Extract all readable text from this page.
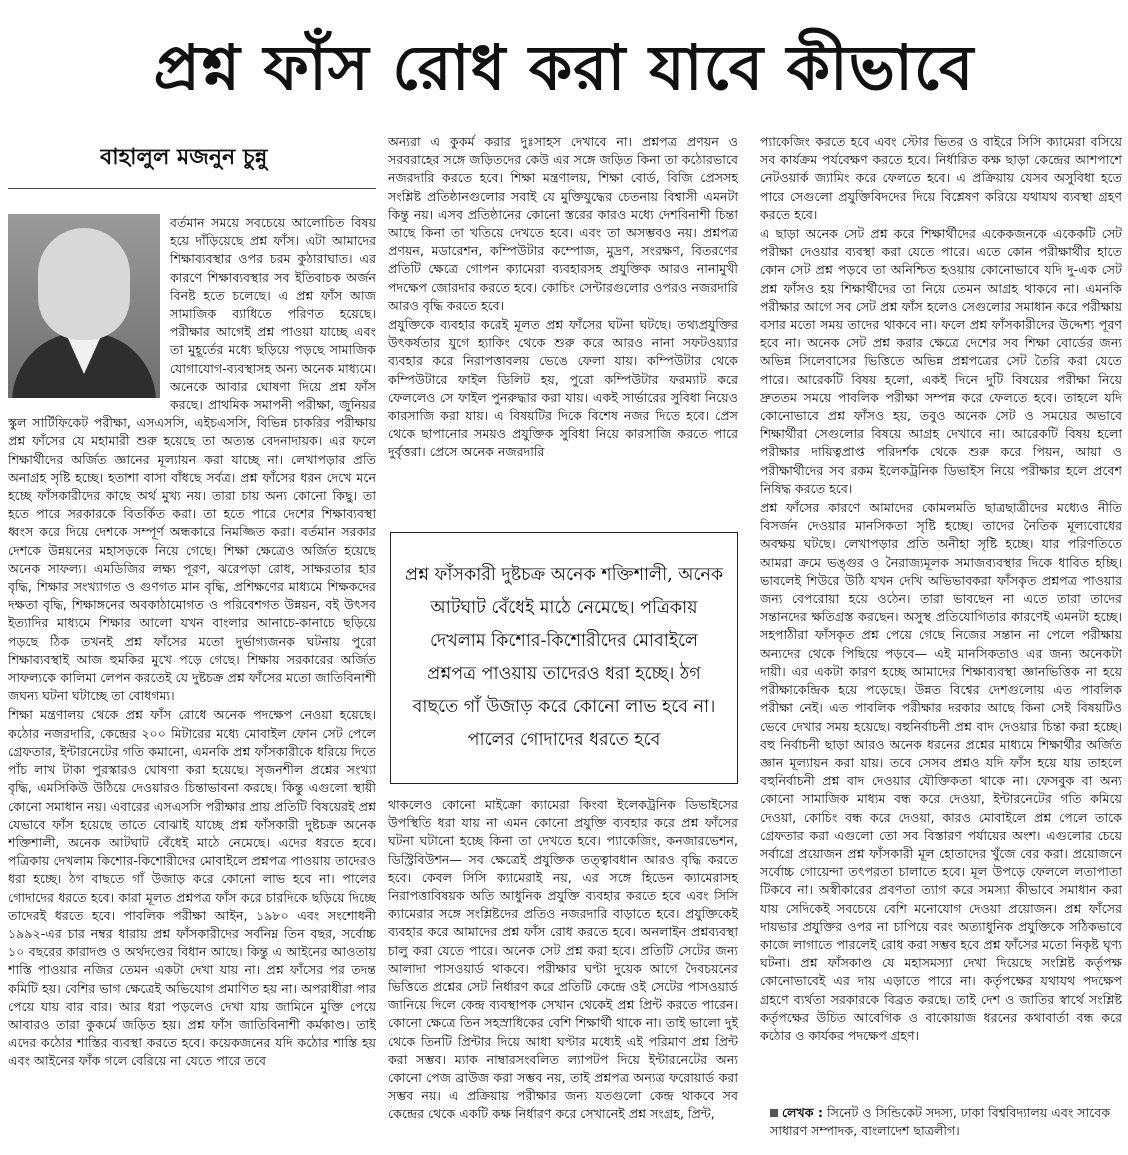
প্রশ্ন ফাঁস রোধ করা যাবে কীভাবে
বাহালুল মজনুন চুন্নু

বর্তমান সময়ে সবচেয়ে আলোচিত বিষয় হয়ে দাঁড়িয়েছে প্রশ্ন ফাঁস। এটা আমাদের শিক্ষাব্যবস্থার ওপর চরম কুঠারাঘাত। এর কারণে শিক্ষাব্যবস্থার সব ইতিবাচক অর্জন বিনষ্ট হতে চলেছে। এ প্রশ্ন ফাঁস আজ সামাজিক ব্যাধিতে পরিণত হয়েছে। পরীক্ষার আগেই প্রশ্ন পাওয়া যাচ্ছে এবং তা মুহূর্তের মধ্যে ছড়িয়ে পড়ছে সামাজিক যোগাযোগ-ব্যবস্থাসহ অন্য অনেক মাধ্যমে। অনেকে আবার ঘোষণা দিয়ে প্রশ্ন ফাঁস করছে। প্রাথমিক সমাপনী পরীক্ষা, জুনিয়র স্কুল সার্টিফিকেট পরীক্ষা, এসএসসি, এইচএসসি, বিভিন্ন চাকরির পরীক্ষায় প্রশ্ন ফাঁসের যে মহামারী শুরু হয়েছে তা অত্যন্ত বেদনাদায়ক। এর ফলে শিক্ষার্থীদের অর্জিত জ্ঞানের মূল্যায়ন করা যাচ্ছে না। লেখাপড়ার প্রতি অনাগ্রহ সৃষ্টি হচ্ছে। হতাশা বাসা বাঁধছে সর্বত্র। প্রশ্ন ফাঁসের ধরন দেখে মনে হচ্ছে ফাঁসকারীদের কাছে অর্থ মুখ্য নয়। তারা চায় অন্য কোনো কিছু। তা হতে পারে সরকারকে বিতর্কিত করা। তা হতে পারে দেশের শিক্ষাব্যবস্থা ধ্বংস করে দিয়ে দেশকে সম্পূর্ণ অন্ধকারে নিমজ্জিত করা। বর্তমান সরকার দেশকে উন্নয়নের মহাসড়কে নিয়ে গেছে। শিক্ষা ক্ষেত্রেও অর্জিত হয়েছে অনেক সাফল্য। এমডিজির লক্ষ্য পূরণ, ঝরেপড়া রোধ, সাক্ষরতার হার বৃদ্ধি, শিক্ষার সংখ্যাগত ও গুণগত মান বৃদ্ধি, প্রশিক্ষণের মাধ্যমে শিক্ষকদের দক্ষতা বৃদ্ধি, শিক্ষাঙ্গনের অবকাঠামোগত ও পরিবেশগত উন্নয়ন, বই উৎসব ইত্যাদির মাধ্যমে শিক্ষার আলো যখন বাংলার আনাচে-কানাচে ছড়িয়ে পড়ছে ঠিক তখনই প্রশ্ন ফাঁসের মতো দুর্ভাগ্যজনক ঘটনায় পুরো শিক্ষাব্যবস্থাই আজ হুমকির মুখে পড়ে গেছে। শিক্ষায় সরকারের অর্জিত সাফল্যকে কালিমা লেপন করতেই যে দুষ্টচক্র প্রশ্ন ফাঁসের মতো জাতিবিনাশী জঘন্য ঘটনা ঘটাচ্ছে তা বোধগম্য।

শিক্ষা মন্ত্রণালয় থেকে প্রশ্ন ফাঁস রোধে অনেক পদক্ষেপ নেওয়া হয়েছে। কঠোর নজরদারি, কেন্দ্রের ২০০ মিটারের মধ্যে মোবাইল ফোন সেট পেলে গ্রেফতার, ইন্টারনেটের গতি কমানো, এমনকি প্রশ্ন ফাঁসকারীকে ধরিয়ে দিতে পাঁচ লাখ টাকা পুরস্কারও ঘোষণা করা হয়েছে। সৃজনশীল প্রশ্নের সংখ্যা বৃদ্ধি, এমসিকিউ উঠিয়ে দেওয়ারও চিন্তাভাবনা করছে। কিন্তু এগুলো স্থায়ী কোনো সমাধান নয়। এবারের এসএসসি পরীক্ষার প্রায় প্রতিটি বিষয়েরই প্রশ্ন যেভাবে ফাঁস হয়েছে তাতে বোঝাই যাচ্ছে প্রশ্ন ফাঁসকারী দুষ্টচক্র অনেক শক্তিশালী, অনেক আটঘাট বেঁধেই মাঠে নেমেছে। এদের ধরতে হবে। পত্রিকায় দেখলাম কিশোর-কিশোরীদের মোবাইলে প্রশ্নপত্র পাওয়ায় তাদেরও ধরা হচ্ছে। ঠগ বাছতে গাঁ উজাড় করে কোনো লাভ হবে না। পালের গোদাদের ধরতে হবে। কারা মূলত প্রশ্নপত্র ফাঁস করে চারদিকে ছড়িয়ে দিচ্ছে তাদেরই ধরতে হবে। পাবলিক পরীক্ষা আইন, ১৯৮০ এবং সংশোধনী ১৯৯২-এর চার নম্বর ধারায় প্রশ্ন ফাঁসকারীদের সর্বনিম্ন তিন বছর, সর্বোচ্চ ১০ বছরের কারাদণ্ড ও অর্থদণ্ডের বিধান আছে। কিন্তু এ আইনের আওতায় শাস্তি পাওয়ার নজির তেমন একটা দেখা যায় না। প্রশ্ন ফাঁসের পর তদন্ত কমিটি হয়। বেশির ভাগ ক্ষেত্রেই অভিযোগ প্রমাণিত হয় না। অপরাধীরা পার পেয়ে যায় বার বার। আর ধরা পড়লেও দেখা যায় জামিনে মুক্তি পেয়ে আবারও তারা কুকর্মে জড়িত হয়। প্রশ্ন ফাঁস জাতিবিনাশী কর্মকাণ্ড। তাই এদের কঠোর শাস্তির ব্যবস্থা করতে হবে। কয়েকজনের যদি কঠোর শাস্তি হয় এবং আইনের ফাঁক গলে বেরিয়ে না যেতে পারে তবে

অন্যরা এ কুকর্ম করার দুঃসাহস দেখাবে না। প্রশ্নপত্র প্রণয়ন ও সরবরাহের সঙ্গে জড়িতদের কেউ এর সঙ্গে জড়িত কিনা তা কঠোরভাবে নজরদারি করতে হবে। শিক্ষা মন্ত্রণালয়, শিক্ষা বোর্ড, বিজি প্রেসসহ সংশ্লিষ্ট প্রতিষ্ঠানগুলোর সবাই যে মুক্তিযুদ্ধের চেতনায় বিশ্বাসী এমনটা কিন্তু নয়। এসব প্রতিষ্ঠানের কোনো স্তরের কারও মধ্যে দেশবিনাশী চিন্তা আছে কিনা তা খতিয়ে দেখতে হবে। এবং তা অসম্ভবও নয়। প্রশ্নপত্র প্রণয়ন, মডারেশন, কম্পিউটার কম্পোজ, মুদ্রণ, সংরক্ষণ, বিতরণের প্রতিটি ক্ষেত্রে গোপন ক্যামেরা ব্যবহারসহ প্রযুক্তিক আরও নানামুখী পদক্ষেপ জোরদার করতে হবে। কোচিং সেন্টারগুলোর ওপরও নজরদারি আরও বৃদ্ধি করতে হবে।

প্রযুক্তিকে ব্যবহার করেই মূলত প্রশ্ন ফাঁসের ঘটনা ঘটছে। তথ্যপ্রযুক্তির উৎকর্ষতার যুগে হ্যাকিং থেকে শুরু করে আরও নানা সফটওয়্যার ব্যবহার করে নিরাপত্তাবলয় ভেঙে ফেলা যায়। কম্পিউটার থেকে কম্পিউটারে ফাইল ডিলিট হয়, পুরো কম্পিউটার ফরম্যাট করে ফেললেও সে ফাইল পুনরুদ্ধার করা যায়। একই সার্ভারের সুবিধা নিয়েও কারসাজি করা যায়। এ বিষয়টির দিকে বিশেষ নজর দিতে হবে। প্রেস থেকে ছাপানোর সময়ও প্রযুক্তিক সুবিধা নিয়ে কারসাজি করতে পারে দুর্বৃত্তরা। প্রেসে অনেক নজরদারি

প্রশ্ন ফাঁসকারী দুষ্টচক্র অনেক শক্তিশালী, অনেক আটঘাট বেঁধেই মাঠে নেমেছে। পত্রিকায় দেখলাম কিশোর-কিশোরীদের মোবাইলে প্রশ্নপত্র পাওয়ায় তাদেরও ধরা হচ্ছে। ঠগ বাছতে গাঁ উজাড় করে কোনো লাভ হবে না। পালের গোদাদের ধরতে হবে

থাকলেও কোনো মাইক্রো ক্যামেরা কিংবা ইলেকট্রনিক ডিভাইসের উপস্থিতি ধরা যায় না এমন কোনো প্রযুক্তি ব্যবহার করে প্রশ্ন ফাঁসের ঘটনা ঘটানো হচ্ছে কিনা তা দেখতে হবে। প্যাকেজিং, কনজারভেশন, ডিস্ট্রিবিউশন— সব ক্ষেত্রেই প্রযুক্তিক তত্ত্বাবধান আরও বৃদ্ধি করতে হবে। কেবল সিসি ক্যামেরাই নয়, এর সঙ্গে হিডেন ক্যামেরাসহ নিরাপত্তাবিষয়ক অতি আধুনিক প্রযুক্তি ব্যবহার করতে হবে এবং সিসি ক্যামেরার সঙ্গে সংশ্লিষ্টদের প্রতিও নজরদারি বাড়াতে হবে। প্রযুক্তিকেই ব্যবহার করে আমাদের প্রশ্ন ফাঁস রোধ করতে হবে। অনলাইন প্রশ্নব্যবস্থা চালু করা যেতে পারে। অনেক সেট প্রশ্ন করা হবে। প্রতিটি সেটের জন্য আলাদা পাসওয়ার্ড থাকবে। পরীক্ষার ঘণ্টা দুয়েক আগে দৈবচয়নের ভিত্তিতে প্রশ্নের সেট নির্ধারণ করে প্রতিটি কেন্দ্রে ওই সেটের পাসওয়ার্ড জানিয়ে দিলে কেন্দ্র ব্যবস্থাপক সেখান থেকেই প্রশ্ন প্রিন্ট করতে পারেন। কোনো ক্ষেত্রে তিন সহস্রাধিকের বেশি শিক্ষার্থী থাকে না। তাই ভালো দুই থেকে তিনটি প্রিন্টার দিয়ে আধা ঘণ্টার মধ্যেই এই পরিমাণ প্রশ্ন প্রিন্ট করা সম্ভব। ম্যাক নাম্বারসংবলিত ল্যাপটপ দিয়ে ইন্টারনেটের অন্য কোনো পেজ ব্রাউজ করা সম্ভব নয়, তাই প্রশ্নপত্র অন্যত্র ফরোয়ার্ড করা সম্ভব নয়। এ প্রক্রিয়ায় পরীক্ষার জন্য যতগুলো কেন্দ্র থাকবে সব কেন্দ্রের থেকে একটি কক্ষ নির্ধারণ করে সেখানেই প্রশ্ন সংগ্রহ, প্রিন্ট,

প্যাকেজিং করতে হবে এবং স্টোর ভিতর ও বাইরে সিসি ক্যামেরা বসিয়ে সব কার্যক্রম পর্যবেক্ষণ করতে হবে। নির্ধারিত কক্ষ ছাড়া কেন্দ্রের আশপাশে নেটওয়ার্ক জ্যামিং করে ফেলতে হবে। এ প্রক্রিয়ায় যেসব অসুবিধা হতে পারে সেগুলো প্রযুক্তিবিদদের দিয়ে বিশ্লেষণ করিয়ে যথাযথ ব্যবস্থা গ্রহণ করতে হবে।

এ ছাড়া অনেক সেট প্রশ্ন করে শিক্ষার্থীদের একেকজনকে একেকটি সেট পরীক্ষা দেওয়ার ব্যবস্থা করা যেতে পারে। এতে কোন পরীক্ষার্থীর হাতে কোন সেট প্রশ্ন পড়বে তা অনিশ্চিত হওয়ায় কোনোভাবে যদি দু-এক সেট প্রশ্ন ফাঁসও হয় শিক্ষার্থীদের তা নিয়ে তেমন আগ্রহ থাকবে না। এমনকি পরীক্ষার আগে সব সেট প্রশ্ন ফাঁস হলেও সেগুলোর সমাধান করে পরীক্ষায় বসার মতো সময় তাদের থাকবে না। ফলে প্রশ্ন ফাঁসকারীদের উদ্দেশ্য পূরণ হবে না। অনেক সেট প্রশ্ন করার ক্ষেত্রে দেশের সব শিক্ষা বোর্ডের জন্য অভিন্ন সিলেবাসের ভিত্তিতে অভিন্ন প্রশ্নপত্রের সেট তৈরি করা যেতে পারে। আরেকটি বিষয় হলো, একই দিনে দুটি বিষয়ের পরীক্ষা নিয়ে দ্রুততম সময়ে পাবলিক পরীক্ষা সম্পন্ন করে ফেলতে হবে। তাহলে যদি কোনোভাবে প্রশ্ন ফাঁসও হয়, তবুও অনেক সেট ও সময়ের অভাবে শিক্ষার্থীরা সেগুলোর বিষয়ে আগ্রহ দেখাবে না। আরেকটি বিষয় হলো পরীক্ষার দায়িত্বপ্রাপ্ত পরিদর্শক থেকে শুরু করে পিয়ন, আয়া ও পরীক্ষার্থীদের সব রকম ইলেকট্রনিক ডিভাইস নিয়ে পরীক্ষার হলে প্রবেশ নিষিদ্ধ করতে হবে।

প্রশ্ন ফাঁসের কারণে আমাদের কোমলমতি ছাত্রছাত্রীদের মধ্যেও নীতি বিসর্জন দেওয়ার মানসিকতা সৃষ্টি হচ্ছে। তাদের নৈতিক মূল্যবোধের অবক্ষয় ঘটছে। লেখাপড়ার প্রতি অনীহা সৃষ্টি হচ্ছে। যার পরিণতিতে আমরা ক্রমে ভঙ্গুর ও নৈরাজ্যমূলক সমাজব্যবস্থার দিকে ধাবিত হচ্ছি। ভাবলেই শিউরে উঠি যখন দেখি অভিভাবকরা ফাঁসকৃত প্রশ্নপত্র পাওয়ার জন্য বেপরোয়া হয়ে ওঠেন। তারা ভাবছেন না এতে তারা তাদের সন্তানদের ক্ষতিগ্রস্ত করছেন। অসুস্থ প্রতিযোগিতার কারণেই এমনটা হচ্ছে। সহপাঠীরা ফাঁসকৃত প্রশ্ন পেয়ে গেছে নিজের সন্তান না পেলে পরীক্ষায় অন্যদের থেকে পিছিয়ে পড়বে— এই মানসিকতাও এর জন্য অনেকটা দায়ী। এর একটা কারণ হচ্ছে আমাদের শিক্ষাব্যবস্থা জ্ঞানভিত্তিক না হয়ে পরীক্ষাকেন্দ্রিক হয়ে পড়েছে। উন্নত বিশ্বের দেশগুলোয় এত পাবলিক পরীক্ষা নেই। এত পাবলিক পরীক্ষার দরকার আছে কিনা সেই বিষয়টিও ভেবে দেখার সময় হয়েছে। বহুনির্বাচনী প্রশ্ন বাদ দেওয়ার চিন্তা করা হচ্ছে। বহু নির্বাচনী ছাড়া আরও অনেক ধরনের প্রশ্নের মাধ্যমে শিক্ষার্থীর অর্জিত জ্ঞান মূল্যায়ন করা যায়। তবে সেসব প্রশ্নও যদি ফাঁস হয়ে যায় তাহলে বহুনির্বাচনী প্রশ্ন বাদ দেওয়ার যৌক্তিকতা থাকে না। ফেসবুক বা অন্য কোনো সামাজিক মাধ্যম বন্ধ করে দেওয়া, ইন্টারনেটের গতি কমিয়ে দেওয়া, কোচিং বন্ধ করে দেওয়া, কারও মোবাইলে প্রশ্ন পেলে তাকে গ্রেফতার করা এগুলো তো সব বিস্তারণ পর্যায়ের অংশ। এগুলোর চেয়ে সর্বাগ্রে প্রয়োজন প্রশ্ন ফাঁসকারী মূল হোতাদের খুঁজে বের করা। প্রয়োজনে সর্বোচ্চ গোয়েন্দা তৎপরতা চালাতে হবে। মূল উপড়ে ফেললে লতাপাতা টিকবে না। অস্বীকারের প্রবণতা ত্যাগ করে সমস্যা কীভাবে সমাধান করা যায় সেদিকেই সবচেয়ে বেশি মনোযোগ দেওয়া প্রয়োজন। প্রশ্ন ফাঁসের দায়ভার প্রযুক্তির ওপর না চাপিয়ে বরং অত্যাধুনিক প্রযুক্তিকে সঠিকভাবে কাজে লাগাতে পারলেই রোধ করা সম্ভব হবে প্রশ্ন ফাঁসের মতো নিকৃষ্ট ঘৃণ্য ঘটনা। প্রশ্ন ফাঁসকাণ্ড যে মহাসমস্যা দেখা দিয়েছে সংশ্লিষ্ট কর্তৃপক্ষ কোনোভাবেই এর দায় এড়াতে পারে না। কর্তৃপক্ষের যথাযথ পদক্ষেপ গ্রহণে ব্যর্থতা সরকারকে বিব্রত করছে। তাই দেশ ও জাতির স্বার্থে সংশ্লিষ্ট কর্তৃপক্ষের উচিত আবেগিক ও বাকোয়াজ ধরনের কথাবার্তা বন্ধ করে কঠোর ও কার্যকর পদক্ষেপ গ্রহণ।

লেখক : সিনেট ও সিন্ডিকেট সদস্য, ঢাকা বিশ্ববিদ্যালয় এবং সাবেক সাধারণ সম্পাদক, বাংলাদেশ ছাত্রলীগ।
